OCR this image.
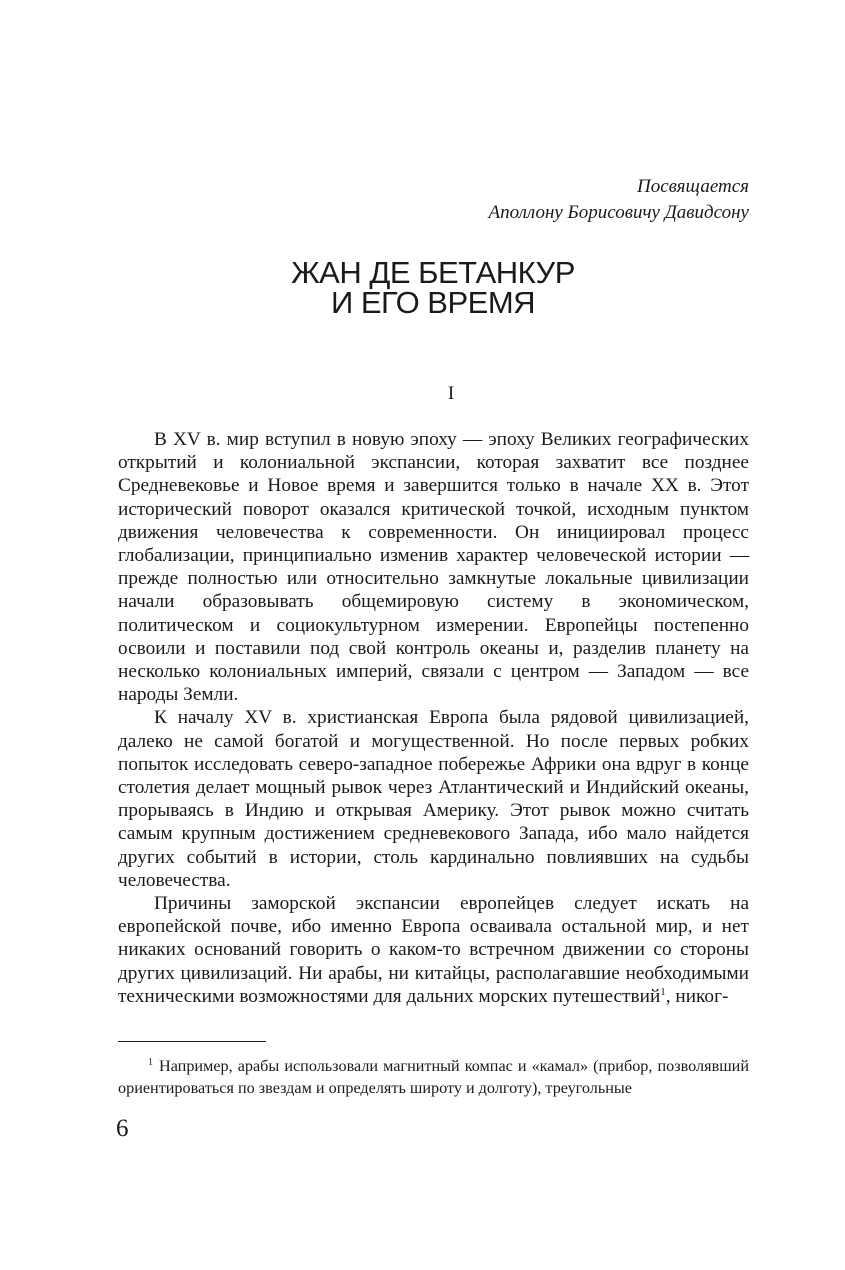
Посвящается
Аполлону Борисовичу Давидсону
ЖАН ДЕ БЕТАНКУР
И ЕГО ВРЕМЯ
I

В XV в. мир вступил в новую эпоху — эпоху Великих географических открытий и колониальной экспансии, которая захватит все позднее Средневековье и Новое время и завершится только в начале XX в. Этот исторический поворот оказался критической точкой, исходным пунктом движения человечества к современности. Он инициировал процесс глобализации, принципиально изменив характер человеческой истории — прежде полностью или относительно замкнутые локальные цивилизации начали образовывать общемировую систему в экономическом, политическом и социокультурном измерении. Европейцы постепенно освоили и поставили под свой контроль океаны и, разделив планету на несколько колониальных империй, связали с центром — Западом — все народы Земли.

К началу XV в. христианская Европа была рядовой цивилизацией, далеко не самой богатой и могущественной. Но после первых робких попыток исследовать северо-западное побережье Африки она вдруг в конце столетия делает мощный рывок через Атлантический и Индийский океаны, прорываясь в Индию и открывая Америку. Этот рывок можно считать самым крупным достижением средневекового Запада, ибо мало найдется других событий в истории, столь кардинально повлиявших на судьбы человечества.

Причины заморской экспансии европейцев следует искать на европейской почве, ибо именно Европа осваивала остальной мир, и нет никаких оснований говорить о каком-то встречном движении со стороны других цивилизаций. Ни арабы, ни китайцы, располагавшие необходимыми техническими возможностями для дальних морских путешествий$^1$, никог-

$^1$ Например, арабы использовали магнитный компас и «камал» (прибор, позволявший ориентироваться по звездам и определять широту и долготу), треугольные

6
